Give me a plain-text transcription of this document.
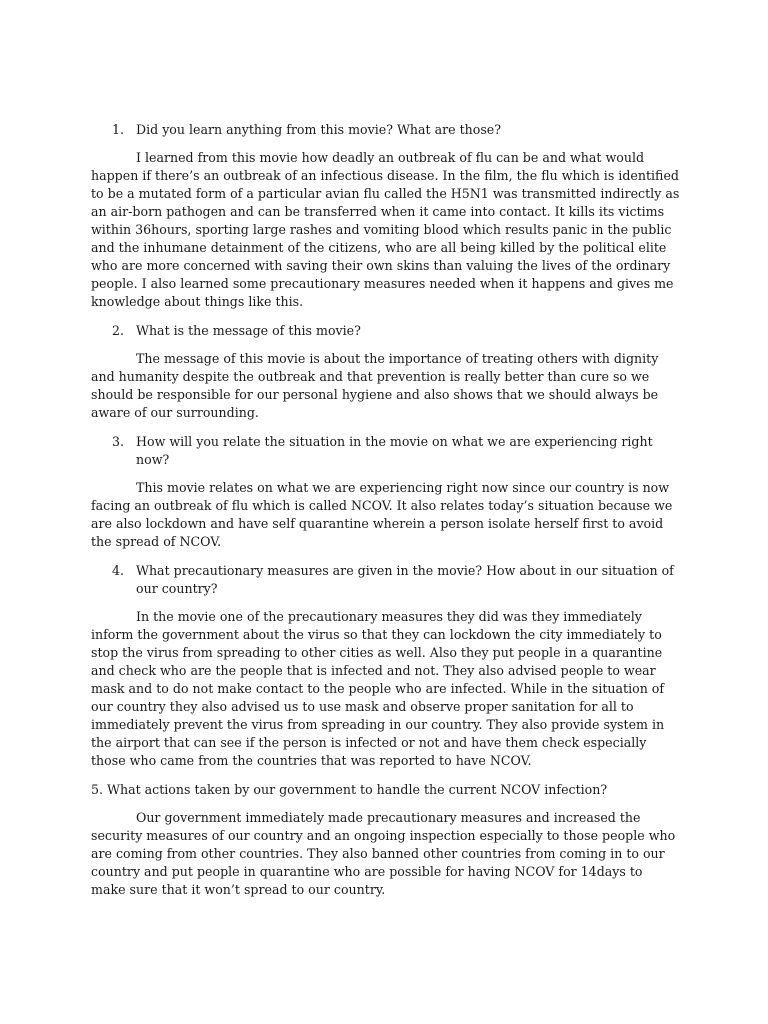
1. Did you learn anything from this movie? What are those?

I learned from this movie how deadly an outbreak of flu can be and what would happen if there’s an outbreak of an infectious disease. In the film, the flu which is identified to be a mutated form of a particular avian flu called the H5N1 was transmitted indirectly as an air-born pathogen and can be transferred when it came into contact. It kills its victims within 36hours, sporting large rashes and vomiting blood which results panic in the public and the inhumane detainment of the citizens, who are all being killed by the political elite who are more concerned with saving their own skins than valuing the lives of the ordinary people. I also learned some precautionary measures needed when it happens and gives me knowledge about things like this.

2. What is the message of this movie?

The message of this movie is about the importance of treating others with dignity and humanity despite the outbreak and that prevention is really better than cure so we should be responsible for our personal hygiene and also shows that we should always be aware of our surrounding.

3. How will you relate the situation in the movie on what we are experiencing right now?

This movie relates on what we are experiencing right now since our country is now facing an outbreak of flu which is called NCOV. It also relates today’s situation because we are also lockdown and have self quarantine wherein a person isolate herself first to avoid the spread of NCOV.

4. What precautionary measures are given in the movie? How about in our situation of our country?

In the movie one of the precautionary measures they did was they immediately inform the government about the virus so that they can lockdown the city immediately to stop the virus from spreading to other cities as well. Also they put people in a quarantine and check who are the people that is infected and not. They also advised people to wear mask and to do not make contact to the people who are infected. While in the situation of our country they also advised us to use mask and observe proper sanitation for all to immediately prevent the virus from spreading in our country. They also provide system in the airport that can see if the person is infected or not and have them check especially those who came from the countries that was reported to have NCOV.

5. What actions taken by our government to handle the current NCOV infection?

Our government immediately made precautionary measures and increased the security measures of our country and an ongoing inspection especially to those people who are coming from other countries. They also banned other countries from coming in to our country and put people in quarantine who are possible for having NCOV for 14days to make sure that it won’t spread to our country.
